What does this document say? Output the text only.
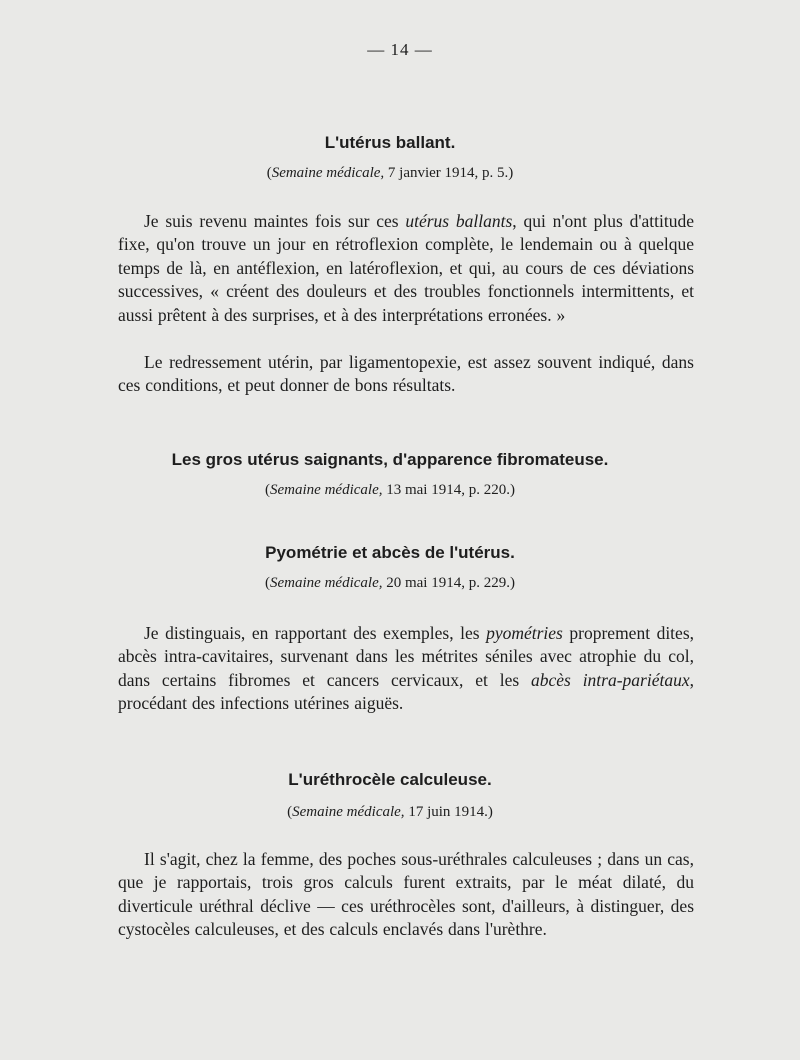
— 14 —
L'utérus ballant.

(Semaine médicale, 7 janvier 1914, p. 5.)

Je suis revenu maintes fois sur ces utérus ballants, qui n'ont plus d'attitude fixe, qu'on trouve un jour en rétroflexion complète, le lendemain ou à quelque temps de là, en antéflexion, en latéroflexion, et qui, au cours de ces déviations successives, « créent des douleurs et des troubles fonctionnels intermittents, et aussi prêtent à des surprises, et à des interprétations erronées. »

Le redressement utérin, par ligamentopexie, est assez souvent indiqué, dans ces conditions, et peut donner de bons résultats.

Les gros utérus saignants, d'apparence fibromateuse.

(Semaine médicale, 13 mai 1914, p. 220.)

Pyométrie et abcès de l'utérus.

(Semaine médicale, 20 mai 1914, p. 229.)

Je distinguais, en rapportant des exemples, les pyométries proprement dites, abcès intra-cavitaires, survenant dans les métrites séniles avec atrophie du col, dans certains fibromes et cancers cervicaux, et les abcès intra-pariétaux, procédant des infections utérines aiguës.

L'uréthrocèle calculeuse.

(Semaine médicale, 17 juin 1914.)

Il s'agit, chez la femme, des poches sous-uréthrales calculeuses ; dans un cas, que je rapportais, trois gros calculs furent extraits, par le méat dilaté, du diverticule uréthral déclive — ces uréthrocèles sont, d'ailleurs, à distinguer, des cystocèles calculeuses, et des calculs enclavés dans l'urèthre.
